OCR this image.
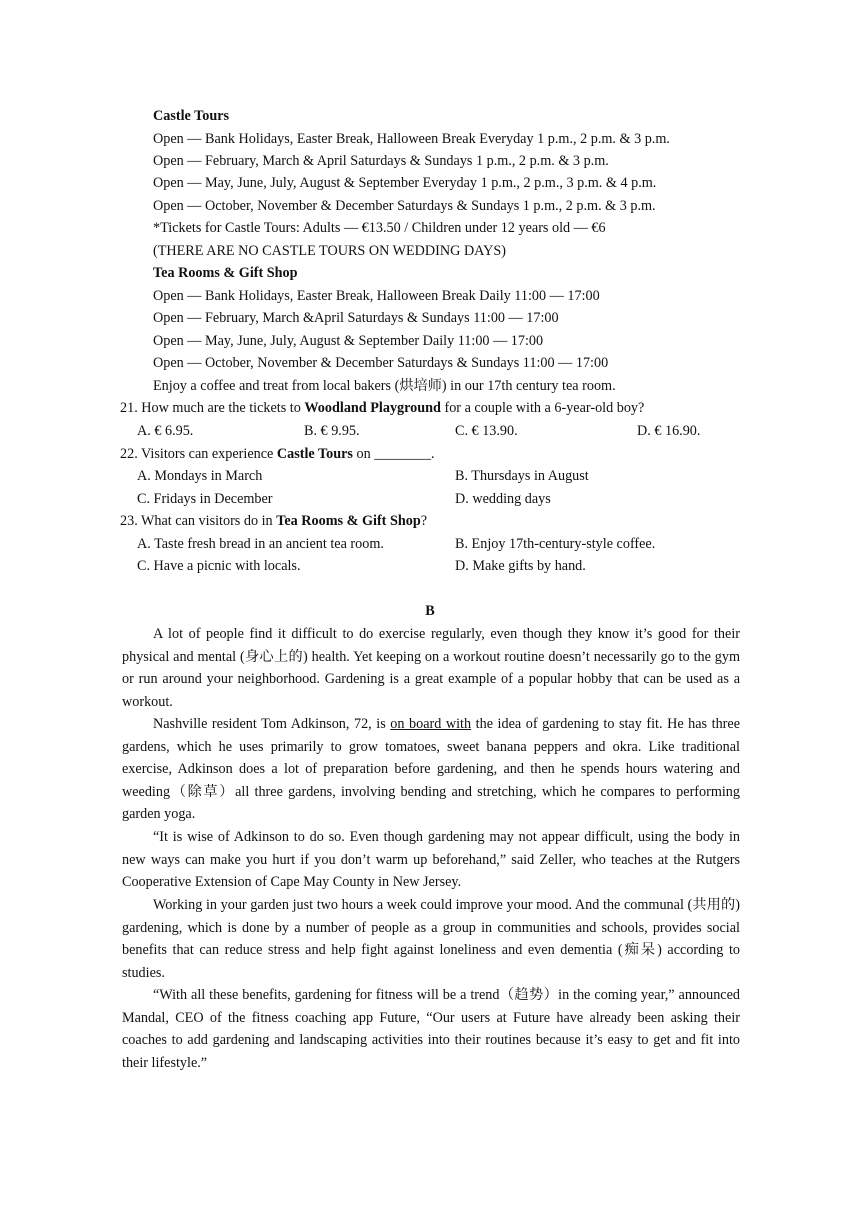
Castle Tours
Open — Bank Holidays, Easter Break, Halloween Break Everyday 1 p.m., 2 p.m. & 3 p.m.
Open — February, March & April Saturdays & Sundays 1 p.m., 2 p.m. & 3 p.m.
Open — May, June, July, August & September Everyday 1 p.m., 2 p.m., 3 p.m. & 4 p.m.
Open — October, November & December Saturdays & Sundays 1 p.m., 2 p.m. & 3 p.m.
*Tickets for Castle Tours: Adults — €13.50 / Children under 12 years old — €6
(THERE ARE NO CASTLE TOURS ON WEDDING DAYS)
Tea Rooms & Gift Shop
Open — Bank Holidays, Easter Break, Halloween Break Daily 11:00 — 17:00
Open — February, March &April Saturdays & Sundays 11:00 — 17:00
Open — May, June, July, August & September Daily 11:00 — 17:00
Open — October, November & December Saturdays & Sundays 11:00 — 17:00
Enjoy a coffee and treat from local bakers (烘培师) in our 17th century tea room.
21. How much are the tickets to Woodland Playground for a couple with a 6-year-old boy?
A. € 6.95.	B. € 9.95.	C. € 13.90.	D. € 16.90.
22. Visitors can experience Castle Tours on ________.
A. Mondays in March	B. Thursdays in August
C. Fridays in December	D. wedding days
23. What can visitors do in Tea Rooms & Gift Shop?
A. Taste fresh bread in an ancient tea room.	B. Enjoy 17th-century-style coffee.
C. Have a picnic with locals.	D. Make gifts by hand.
B
A lot of people find it difficult to do exercise regularly, even though they know it’s good for their physical and mental (身心上的) health. Yet keeping on a workout routine doesn’t necessarily go to the gym or run around your neighborhood. Gardening is a great example of a popular hobby that can be used as a workout.
Nashville resident Tom Adkinson, 72, is on board with the idea of gardening to stay fit. He has three gardens, which he uses primarily to grow tomatoes, sweet banana peppers and okra. Like traditional exercise, Adkinson does a lot of preparation before gardening, and then he spends hours watering and weeding（除草）all three gardens, involving bending and stretching, which he compares to performing garden yoga.
“It is wise of Adkinson to do so. Even though gardening may not appear difficult, using the body in new ways can make you hurt if you don’t warm up beforehand,” said Zeller, who teaches at the Rutgers Cooperative Extension of Cape May County in New Jersey.
Working in your garden just two hours a week could improve your mood. And the communal (共用的) gardening, which is done by a number of people as a group in communities and schools, provides social benefits that can reduce stress and help fight against loneliness and even dementia (痴呆) according to studies.
“With all these benefits, gardening for fitness will be a trend（趋势）in the coming year,” announced Mandal, CEO of the fitness coaching app Future, “Our users at Future have already been asking their coaches to add gardening and landscaping activities into their routines because it’s easy to get and fit into their lifestyle.”
